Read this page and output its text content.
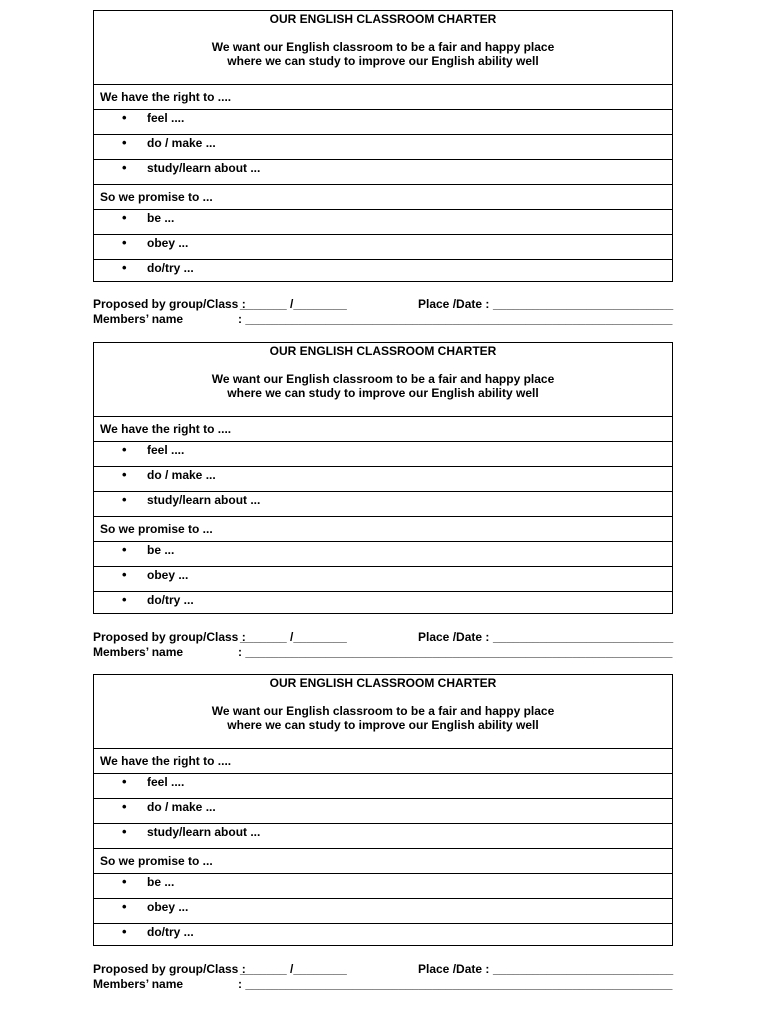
OUR ENGLISH CLASSROOM CHARTER
We want our English classroom to be a fair and happy place
where we can study to improve our English ability well
We have the right to ....
• feel ....
• do / make ...
• study/learn about ...
So we promise to ...
• be ...
• obey ...
• do/try ...
Proposed by group/Class :
_______ /________	Place /Date : ___________________________
Members’ name	: ________________________________________________________________
OUR ENGLISH CLASSROOM CHARTER
We want our English classroom to be a fair and happy place
where we can study to improve our English ability well
We have the right to ....
• feel ....
• do / make ...
• study/learn about ...
So we promise to ...
• be ...
• obey ...
• do/try ...
Proposed by group/Class :
_______ /________	Place /Date : ___________________________
Members’ name	: ________________________________________________________________
OUR ENGLISH CLASSROOM CHARTER
We want our English classroom to be a fair and happy place
where we can study to improve our English ability well
We have the right to ....
• feel ....
• do / make ...
• study/learn about ...
So we promise to ...
• be ...
• obey ...
• do/try ...
Proposed by group/Class :
_______ /________	Place /Date : ___________________________
Members’ name	: ________________________________________________________________
